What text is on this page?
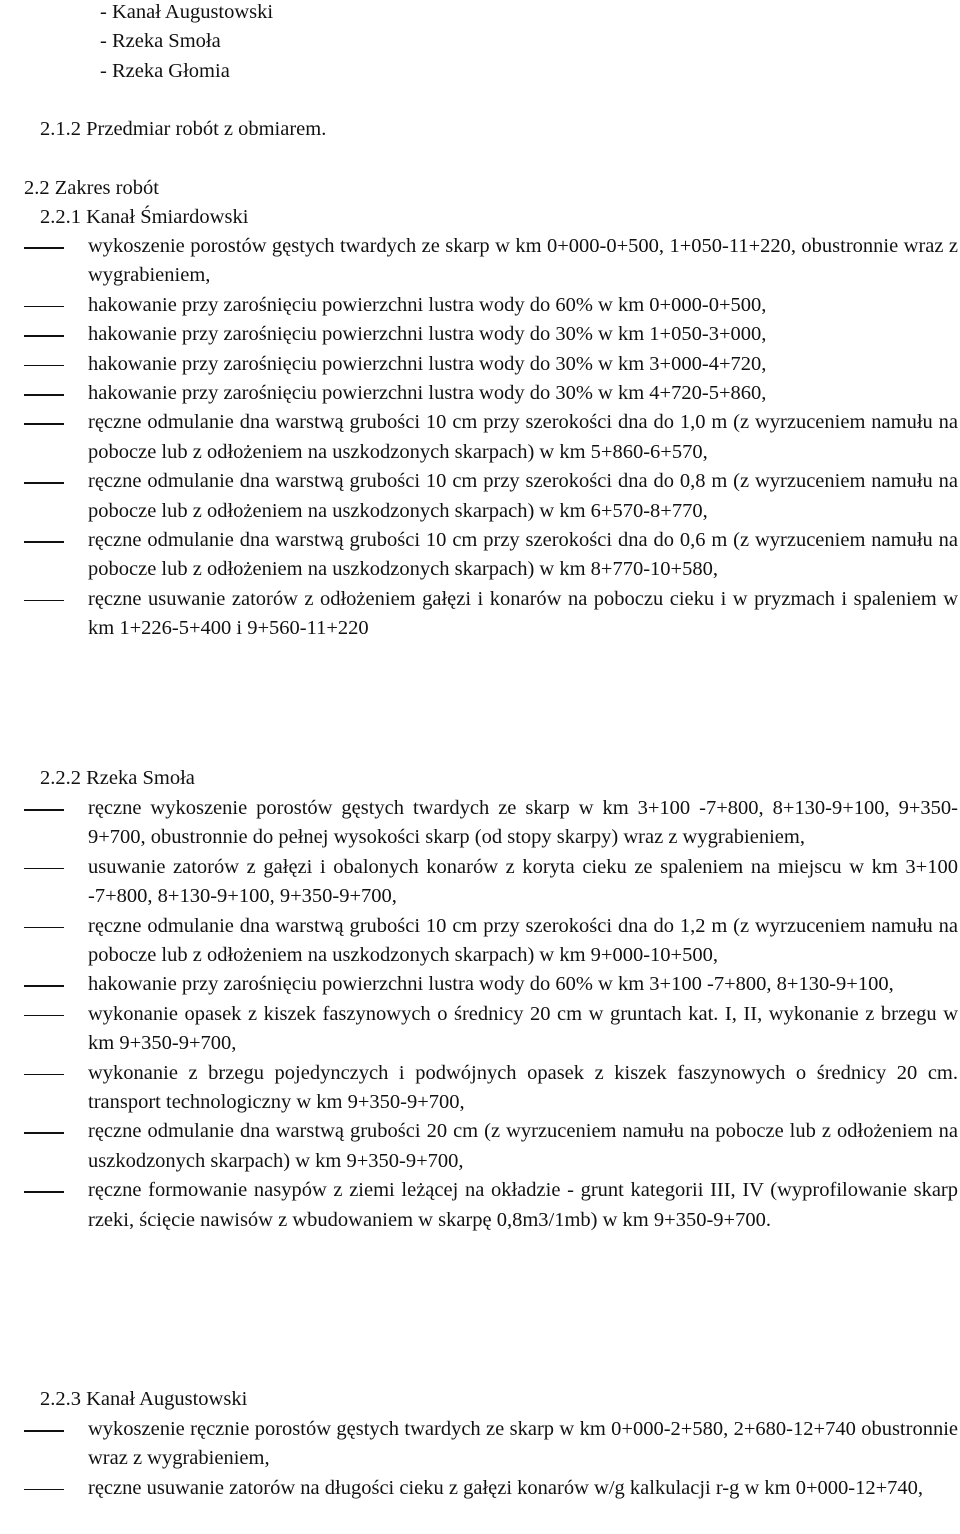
- Kanał Augustowski
- Rzeka Smoła
- Rzeka Głomia
2.1.2 Przedmiar robót z obmiarem.
2.2 Zakres robót
2.2.1 Kanał Śmiardowski
wykoszenie porostów gęstych twardych ze skarp w km 0+000-0+500, 1+050-11+220, obustronnie wraz z wygrabieniem,
hakowanie przy zarośnięciu powierzchni lustra wody do 60% w km 0+000-0+500,
hakowanie przy zarośnięciu powierzchni lustra wody do 30% w km 1+050-3+000,
hakowanie przy zarośnięciu powierzchni lustra wody do 30% w km 3+000-4+720,
hakowanie przy zarośnięciu powierzchni lustra wody do 30% w km 4+720-5+860,
ręczne odmulanie dna warstwą grubości 10 cm przy szerokości dna do 1,0 m (z wyrzuceniem namułu na pobocze lub z odłożeniem na uszkodzonych skarpach) w km 5+860-6+570,
ręczne odmulanie dna warstwą grubości 10 cm przy szerokości dna do 0,8 m (z wyrzuceniem namułu na pobocze lub z odłożeniem na uszkodzonych skarpach) w km 6+570-8+770,
ręczne odmulanie dna warstwą grubości 10 cm przy szerokości dna do 0,6 m (z wyrzuceniem namułu na pobocze lub z odłożeniem na uszkodzonych skarpach) w km 8+770-10+580,
ręczne usuwanie zatorów z odłożeniem gałęzi i konarów na poboczu cieku i w pryzmach i spaleniem w km 1+226-5+400 i 9+560-11+220
2.2.2 Rzeka Smoła
ręczne wykoszenie porostów gęstych twardych ze skarp w km 3+100 -7+800, 8+130-9+100, 9+350-9+700, obustronnie do pełnej wysokości skarp (od stopy skarpy) wraz z wygrabieniem,
usuwanie zatorów z gałęzi i obalonych konarów z koryta cieku ze spaleniem na miejscu w km 3+100 -7+800, 8+130-9+100, 9+350-9+700,
ręczne odmulanie dna warstwą grubości 10 cm przy szerokości dna do 1,2 m (z wyrzuceniem namułu na pobocze lub z odłożeniem na uszkodzonych skarpach) w km 9+000-10+500,
hakowanie przy zarośnięciu powierzchni lustra wody do 60% w km 3+100 -7+800, 8+130-9+100,
wykonanie opasek z kiszek faszynowych o średnicy 20 cm w gruntach kat. I, II, wykonanie z brzegu w km 9+350-9+700,
wykonanie z brzegu pojedynczych i podwójnych opasek z kiszek faszynowych o średnicy 20 cm. transport technologiczny w km 9+350-9+700,
ręczne odmulanie dna warstwą grubości 20 cm (z wyrzuceniem namułu na pobocze lub z odłożeniem na uszkodzonych skarpach) w km 9+350-9+700,
ręczne formowanie nasypów z ziemi leżącej na okładzie - grunt kategorii III, IV (wyprofilowanie skarp rzeki, ścięcie nawisów z wbudowaniem w skarpę 0,8m3/1mb) w km 9+350-9+700.
2.2.3 Kanał Augustowski
wykoszenie ręcznie porostów gęstych twardych ze skarp w km 0+000-2+580, 2+680-12+740 obustronnie wraz z wygrabieniem,
ręczne usuwanie zatorów na długości cieku z gałęzi konarów w/g kalkulacji r-g w km 0+000-12+740,
